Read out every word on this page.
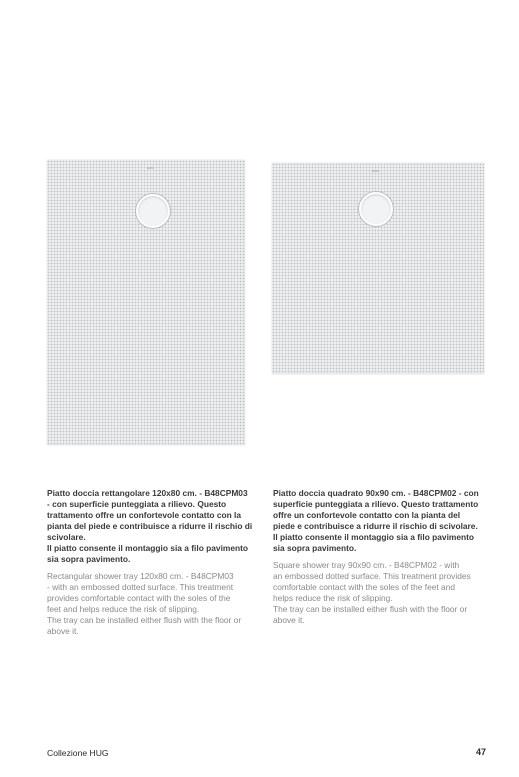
HUG
HUG

Piatto doccia rettangolare 120x80 cm. - B48CPM03
- con superficie punteggiata a rilievo. Questo
trattamento offre un confortevole contatto con la
pianta del piede e contribuisce a ridurre il rischio di
scivolare.
Il piatto consente il montaggio sia a filo pavimento
sia sopra pavimento.

Rectangular shower tray 120x80 cm. - B48CPM03
- with an embossed dotted surface. This treatment
provides comfortable contact with the soles of the
feet and helps reduce the risk of slipping.
The tray can be installed either flush with the floor or
above it.

Piatto doccia quadrato 90x90 cm. - B48CPM02 - con
superficie punteggiata a rilievo. Questo trattamento
offre un confortevole contatto con la pianta del
piede e contribuisce a ridurre il rischio di scivolare.
Il piatto consente il montaggio sia a filo pavimento
sia sopra pavimento.

Square shower tray 90x90 cm. - B48CPM02 - with
an embossed dotted surface. This treatment provides
comfortable contact with the soles of the feet and
helps reduce the risk of slipping.
The tray can be installed either flush with the floor or
above it.

Collezione HUG	47
